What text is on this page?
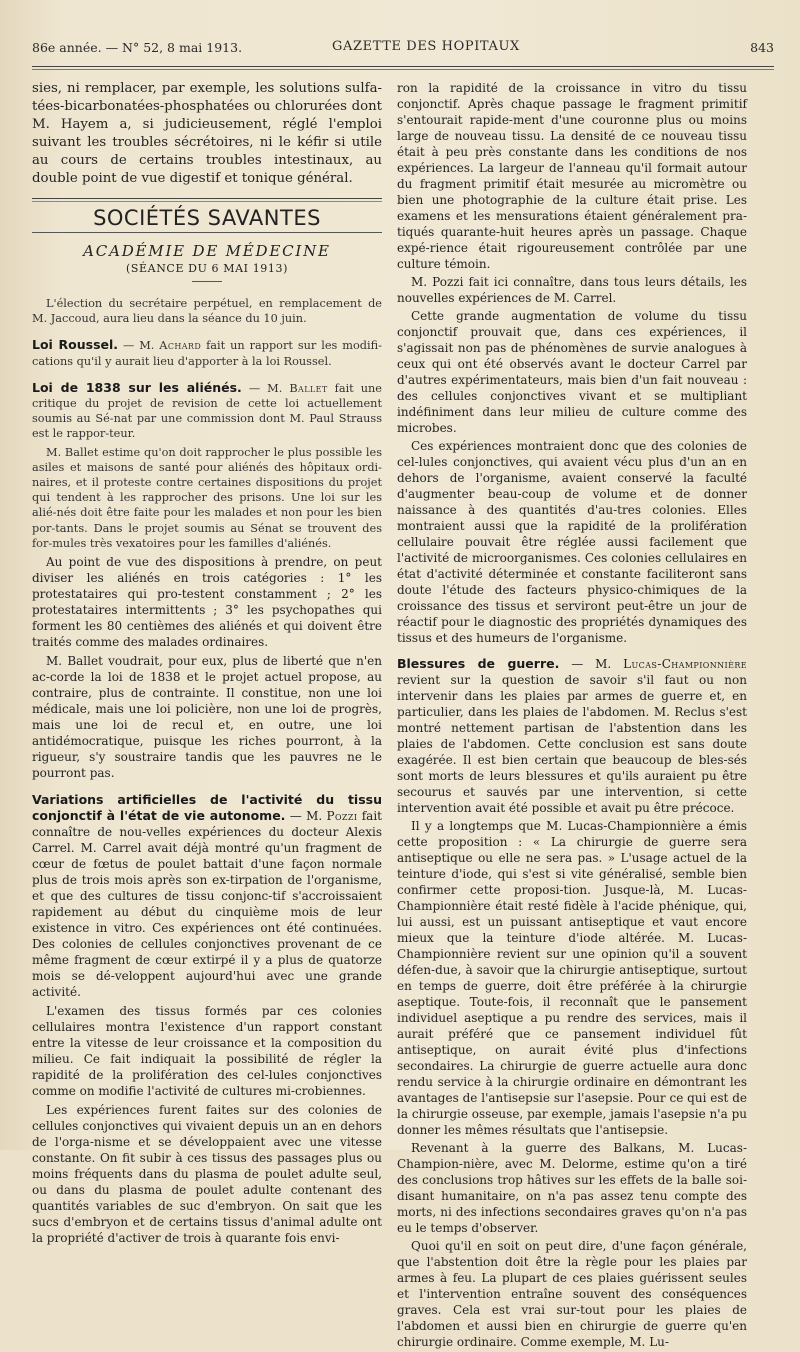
86e année. — N° 52, 8 mai 1913.	GAZETTE DES HOPITAUX	843

sies, ni remplacer, par exemple, les solutions sulfa-tées-bicarbonatées-phosphatées ou chlorurées dont M. Hayem a, si judicieusement, réglé l'emploi suivant les troubles sécrétoires, ni le kéfir si utile au cours de certains troubles intestinaux, au double point de vue digestif et tonique général.

SOCIÉTÉS SAVANTES
ACADÉMIE DE MÉDECINE
(SÉANCE DU 6 MAI 1913)

L'élection du secrétaire perpétuel, en remplacement de M. Jaccoud, aura lieu dans la séance du 10 juin.

Loi Roussel. — M. Achard fait un rapport sur les modifi-cations qu'il y aurait lieu d'apporter à la loi Roussel.

Loi de 1838 sur les aliénés. — M. Ballet fait une critique du projet de revision de cette loi actuellement soumis au Sé-nat par une commission dont M. Paul Strauss est le rappor-teur.

M. Ballet estime qu'on doit rapprocher le plus possible les asiles et maisons de santé pour aliénés des hôpitaux ordi-naires, et il proteste contre certaines dispositions du projet qui tendent à les rapprocher des prisons. Une loi sur les alié-nés doit être faite pour les malades et non pour les bien por-tants. Dans le projet soumis au Sénat se trouvent des for-mules très vexatoires pour les familles d'aliénés.

Au point de vue des dispositions à prendre, on peut diviser les aliénés en trois catégories : 1° les protestataires qui pro-testent constamment ; 2° les protestataires intermittents ; 3° les psychopathes qui forment les 80 centièmes des aliénés et qui doivent être traités comme des malades ordinaires.

M. Ballet voudrait, pour eux, plus de liberté que n'en ac-corde la loi de 1838 et le projet actuel propose, au contraire, plus de contrainte. Il constitue, non une loi médicale, mais une loi policière, non une loi de progrès, mais une loi de recul et, en outre, une loi antidémocratique, puisque les riches pourront, à la rigueur, s'y soustraire tandis que les pauvres ne le pourront pas.

Variations artificielles de l'activité du tissu conjonctif à l'état de vie autonome. — M. Pozzi fait connaître de nou-velles expériences du docteur Alexis Carrel. M. Carrel avait déjà montré qu'un fragment de cœur de fœtus de poulet battait d'une façon normale plus de trois mois après son ex-tirpation de l'organisme, et que des cultures de tissu conjonc-tif s'accroissaient rapidement au début du cinquième mois de leur existence in vitro. Ces expériences ont été continuées. Des colonies de cellules conjonctives provenant de ce même fragment de cœur extirpé il y a plus de quatorze mois se dé-veloppent aujourd'hui avec une grande activité.

L'examen des tissus formés par ces colonies cellulaires montra l'existence d'un rapport constant entre la vitesse de leur croissance et la composition du milieu. Ce fait indiquait la possibilité de régler la rapidité de la prolifération des cel-lules conjonctives comme on modifie l'activité de cultures mi-crobiennes.

Les expériences furent faites sur des colonies de cellules conjonctives qui vivaient depuis un an en dehors de l'orga-nisme et se développaient avec une vitesse constante. On fit subir à ces tissus des passages plus ou moins fréquents dans du plasma de poulet adulte seul, ou dans du plasma de poulet adulte contenant des quantités variables de suc d'embryon. On sait que les sucs d'embryon et de certains tissus d'animal adulte ont la propriété d'activer de trois à quarante fois envi-

ron la rapidité de la croissance in vitro du tissu conjonctif. Après chaque passage le fragment primitif s'entourait rapide-ment d'une couronne plus ou moins large de nouveau tissu. La densité de ce nouveau tissu était à peu près constante dans les conditions de nos expériences. La largeur de l'anneau qu'il formait autour du fragment primitif était mesurée au micromètre ou bien une photographie de la culture était prise. Les examens et les mensurations étaient généralement pra-tiqués quarante-huit heures après un passage. Chaque expé-rience était rigoureusement contrôlée par une culture témoin.

M. Pozzi fait ici connaître, dans tous leurs détails, les nouvelles expériences de M. Carrel.

Cette grande augmentation de volume du tissu conjonctif prouvait que, dans ces expériences, il s'agissait non pas de phénomènes de survie analogues à ceux qui ont été observés avant le docteur Carrel par d'autres expérimentateurs, mais bien d'un fait nouveau : des cellules conjonctives vivant et se multipliant indéfiniment dans leur milieu de culture comme des microbes.

Ces expériences montraient donc que des colonies de cel-lules conjonctives, qui avaient vécu plus d'un an en dehors de l'organisme, avaient conservé la faculté d'augmenter beau-coup de volume et de donner naissance à des quantités d'au-tres colonies. Elles montraient aussi que la rapidité de la prolifération cellulaire pouvait être réglée aussi facilement que l'activité de microorganismes. Ces colonies cellulaires en état d'activité déterminée et constante faciliteront sans doute l'étude des facteurs physico-chimiques de la croissance des tissus et serviront peut-être un jour de réactif pour le diagnostic des propriétés dynamiques des tissus et des humeurs de l'organisme.

Blessures de guerre. — M. Lucas-Championnière revient sur la question de savoir s'il faut ou non intervenir dans les plaies par armes de guerre et, en particulier, dans les plaies de l'abdomen. M. Reclus s'est montré nettement partisan de l'abstention dans les plaies de l'abdomen. Cette conclusion est sans doute exagérée. Il est bien certain que beaucoup de bles-sés sont morts de leurs blessures et qu'ils auraient pu être secourus et sauvés par une intervention, si cette intervention avait été possible et avait pu être précoce.

Il y a longtemps que M. Lucas-Championnière a émis cette proposition : « La chirurgie de guerre sera antiseptique ou elle ne sera pas. » L'usage actuel de la teinture d'iode, qui s'est si vite généralisé, semble bien confirmer cette proposi-tion. Jusque-là, M. Lucas-Championnière était resté fidèle à l'acide phénique, qui, lui aussi, est un puissant antiseptique et vaut encore mieux que la teinture d'iode altérée. M. Lucas-Championnière revient sur une opinion qu'il a souvent défen-due, à savoir que la chirurgie antiseptique, surtout en temps de guerre, doit être préférée à la chirurgie aseptique. Toute-fois, il reconnaît que le pansement individuel aseptique a pu rendre des services, mais il aurait préféré que ce pansement individuel fût antiseptique, on aurait évité plus d'infections secondaires. La chirurgie de guerre actuelle aura donc rendu service à la chirurgie ordinaire en démontrant les avantages de l'antisepsie sur l'asepsie. Pour ce qui est de la chirurgie osseuse, par exemple, jamais l'asepsie n'a pu donner les mêmes résultats que l'antisepsie.

Revenant à la guerre des Balkans, M. Lucas-Champion-nière, avec M. Delorme, estime qu'on a tiré des conclusions trop hâtives sur les effets de la balle soi-disant humanitaire, on n'a pas assez tenu compte des morts, ni des infections secondaires graves qu'on n'a pas eu le temps d'observer.

Quoi qu'il en soit on peut dire, d'une façon générale, que l'abstention doit être la règle pour les plaies par armes à feu. La plupart de ces plaies guérissent seules et l'intervention entraîne souvent des conséquences graves. Cela est vrai sur-tout pour les plaies de l'abdomen et aussi bien en chirurgie de guerre qu'en chirurgie ordinaire. Comme exemple, M. Lu-
